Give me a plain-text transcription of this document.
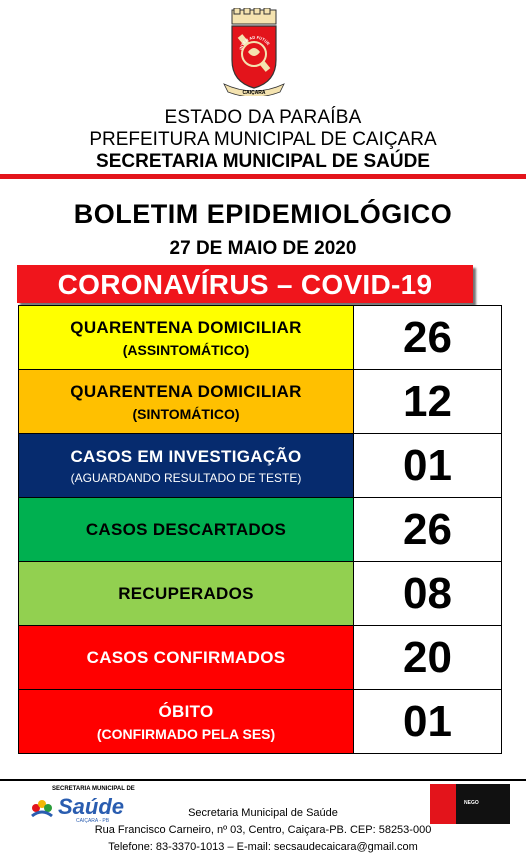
CAIÇARA
INTER AD FUTUR
ESTADO DA PARAÍBA
PREFEITURA MUNICIPAL DE CAIÇARA
SECRETARIA MUNICIPAL DE SAÚDE
BOLETIM EPIDEMIOLÓGICO
27 DE MAIO DE 2020
CORONAVÍRUS – COVID-19
QUARENTENA DOMICILIAR
(ASSINTOMÁTICO)	26
QUARENTENA DOMICILIAR
(SINTOMÁTICO)	12
CASOS EM INVESTIGAÇÃO
(AGUARDANDO RESULTADO DE TESTE)	01
CASOS DESCARTADOS	26
RECUPERADOS	08
CASOS CONFIRMADOS	20
ÓBITO
(CONFIRMADO PELA SES)	01
SECRETARIA MUNICIPAL DE
Saúde
CAIÇARA - PB
Secretaria Municipal de Saúde
Rua Francisco Carneiro, nº 03, Centro, Caiçara-PB. CEP: 58253-000
Telefone: 83-3370-1013 – E-mail: secsaudecaicara@gmail.com
NEGO
